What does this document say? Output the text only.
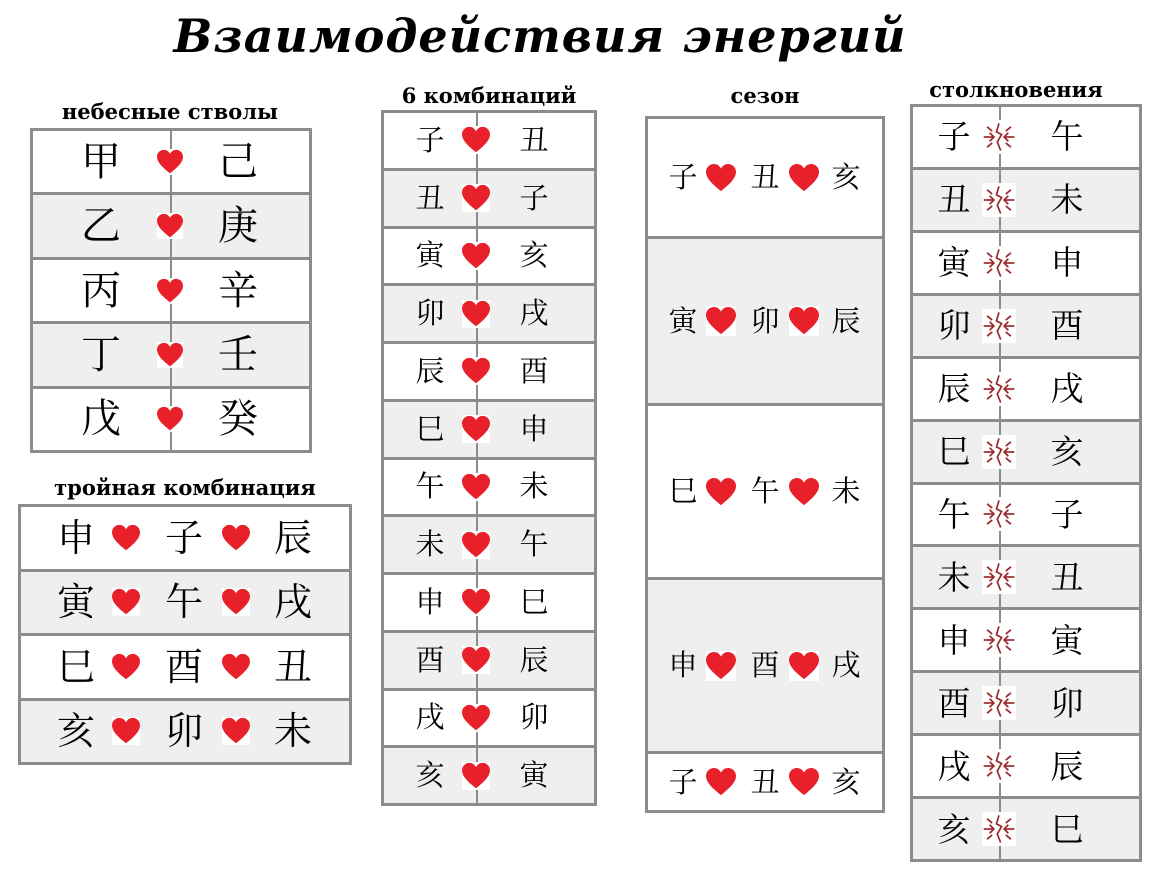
Взаимодействия энергий
небесные стволы
甲 己
乙 庚
丙 辛
丁 壬
戊 癸
тройная комбинация
申 子 辰
寅 午 戌
巳 酉 丑
亥 卯 未
6 комбинаций
子	丑
丑	子
寅	亥
卯	戌
辰	酉
巳	申
午	未
未	午
申	巳
酉	辰
戌	卯
亥	寅
сезон
子 丑 亥
寅 卯 辰
巳 午 未
申 酉 戌
子 丑 亥
столкновения
子 午
丑 未
寅 申
卯 酉
辰 戌
巳 亥
午 子
未 丑
申 寅
酉 卯
戌 辰
亥 巳
